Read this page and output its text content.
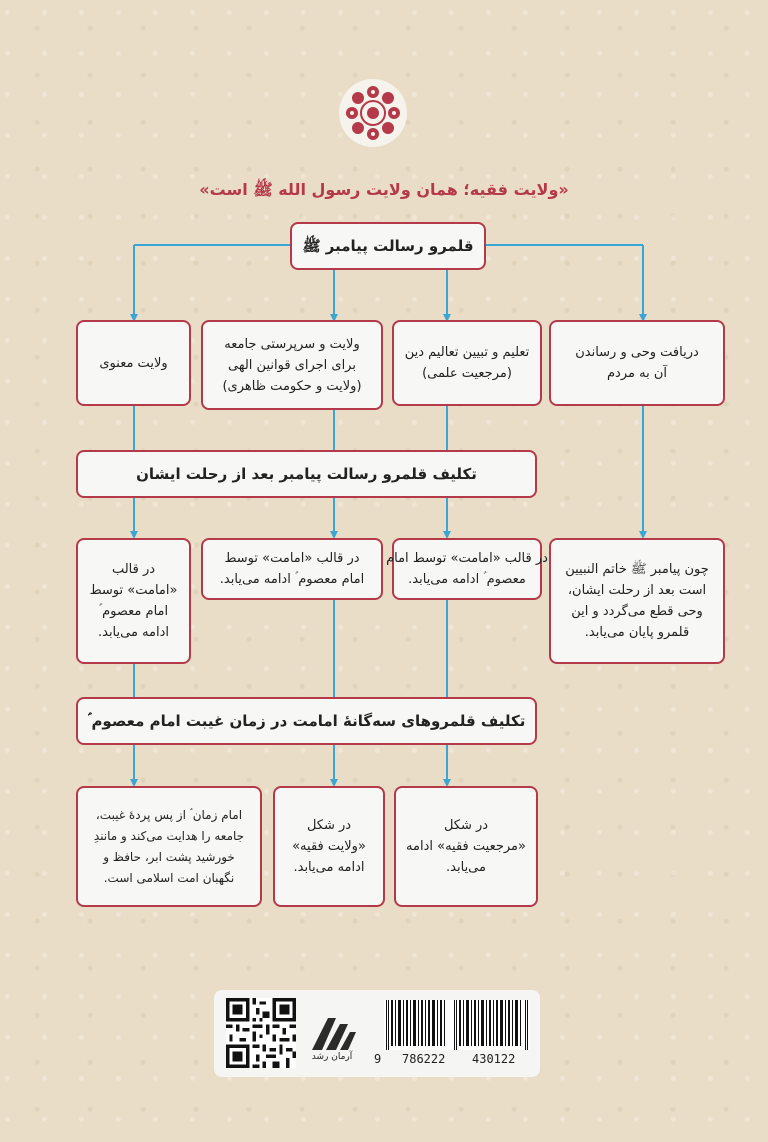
«ولایت فقیه؛ همان ولایت رسول الله ﷺ است»
قلمرو رسالت پیامبر ﷺ
دریافت وحی و رساندن
آن به مردم
تعلیم و تبیین تعالیم دین
(مرجعیت علمی)
ولایت و سرپرستی جامعه
برای اجرای قوانین الهی
(ولایت و حکومت ظاهری)
ولایت معنوی
تکلیف قلمرو رسالت پیامبر بعد از رحلت ایشان
چون پیامبر ﷺ خاتم النبیین
است بعد از رحلت ایشان،
وحی قطع می‌گردد و این
قلمرو پایان می‌یابد.
در قالب «امامت» توسط امام
معصوم ؑ ادامه می‌یابد.
در قالب «امامت» توسط
امام معصوم ؑ ادامه می‌یابد.
در قالب
«امامت» توسط
امام معصوم ؑ
ادامه می‌یابد.
تکلیف قلمروهای سه‌گانهٔ امامت در زمان غیبت امام معصوم ؑ
در شکل
«مرجعیت فقیه» ادامه
می‌یابد.
در شکل
«ولایت فقیه»
ادامه می‌یابد.
امام زمان ؑ از پس پردهٔ غیبت،
جامعه را هدایت می‌کند و مانندِ
خورشید پشت ابر، حافظ و
نگهبان امت اسلامی است.
آرمان رشد	9 786222 430122
